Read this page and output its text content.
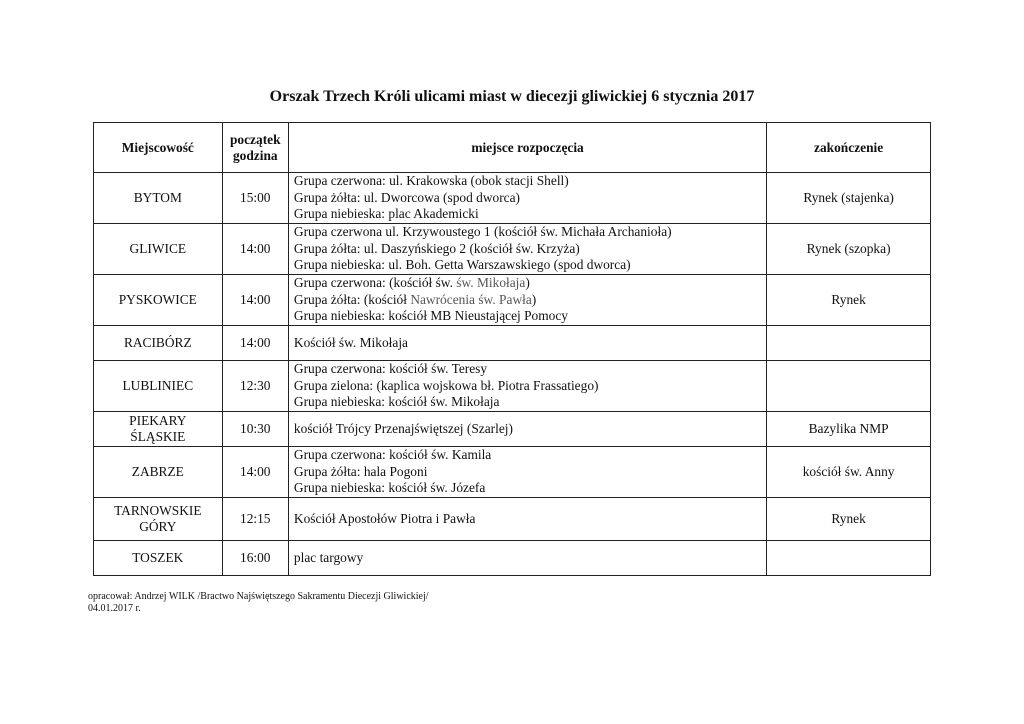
Orszak Trzech Króli ulicami miast w diecezji gliwickiej 6 stycznia 2017
Miejscowość	początek
godzina	miejsce rozpoczęcia	zakończenie
BYTOM	15:00	Grupa czerwona: ul. Krakowska (obok stacji Shell)
Grupa żółta: ul. Dworcowa (spod dworca)
Grupa niebieska: plac Akademicki	Rynek (stajenka)
GLIWICE	14:00	Grupa czerwona ul. Krzywoustego 1 (kościół św. Michała Archanioła)
Grupa żółta: ul. Daszyńskiego 2 (kościół św. Krzyża)
Grupa niebieska: ul. Boh. Getta Warszawskiego (spod dworca)	Rynek (szopka)
PYSKOWICE	14:00	Grupa czerwona: (kościół św. św. Mikołaja)
Grupa żółta: (kościół Nawrócenia św. Pawła)
Grupa niebieska: kościół MB Nieustającej Pomocy	Rynek
RACIBÓRZ	14:00	Kościół św. Mikołaja	

LUBLINIEC	12:30	Grupa czerwona: kościół św. Teresy
Grupa zielona: (kaplica wojskowa bł. Piotra Frassatiego)
Grupa niebieska: kościół św. Mikołaja	

PIEKARY
ŚLĄSKIE	10:30	kościół Trójcy Przenajświętszej (Szarlej)	Bazylika NMP
ZABRZE	14:00	Grupa czerwona: kościół św. Kamila
Grupa żółta: hala Pogoni
Grupa niebieska: kościół św. Józefa	kościół św. Anny

TARNOWSKIE
GÓRY	12:15	Kościół Apostołów Piotra i Pawła	Rynek
TOSZEK	16:00	plac targowy	

opracował: Andrzej WILK /Bractwo Najświętszego Sakramentu Diecezji Gliwickiej/
04.01.2017 r.
